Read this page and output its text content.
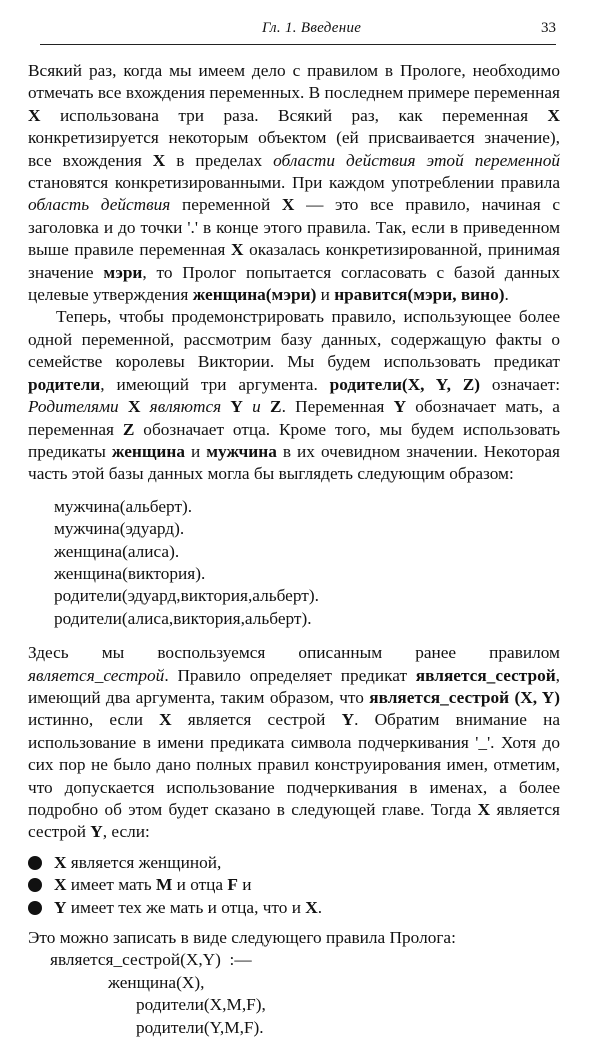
Гл. 1. Введение	33

Всякий раз, когда мы имеем дело с правилом в Прологе, необходимо отмечать все вхождения переменных. В последнем примере переменная X использована три раза. Всякий раз, как переменная X конкретизируется некоторым объектом (ей присваивается значение), все вхождения X в пределах области действия этой переменной становятся конкретизированными. При каждом употреблении правила область действия переменной X — это все правило, начиная с заголовка и до точки '.' в конце этого правила. Так, если в приведенном выше правиле переменная X оказалась конкретизированной, принимая значение мэри, то Пролог попытается согласовать с базой данных целевые утверждения женщина(мэри) и нравится(мэри, вино).

Теперь, чтобы продемонстрировать правило, использующее более одной переменной, рассмотрим базу данных, содержащую факты о семействе королевы Виктории. Мы будем использовать предикат родители, имеющий три аргумента. родители(X, Y, Z) означает: Родителями X являются Y и Z. Переменная Y обозначает мать, а переменная Z обозначает отца. Кроме того, мы будем использовать предикаты женщина и мужчина в их очевидном значении. Некоторая часть этой базы данных могла бы выглядеть следующим образом:

мужчина(альберт).
мужчина(эдуард).
женщина(алиса).
женщина(виктория).
родители(эдуард,виктория,альберт).
родители(алиса,виктория,альберт).

Здесь мы воспользуемся описанным ранее правилом является_сестрой. Правило определяет предикат является_сестрой, имеющий два аргумента, таким образом, что является_сестрой (X, Y) истинно, если X является сестрой Y. Обратим внимание на использование в имени предиката символа подчеркивания '_'. Хотя до сих пор не было дано полных правил конструирования имен, отметим, что допускается использование подчеркивания в именах, а более подробно об этом будет сказано в следующей главе. Тогда X является сестрой Y, если:

X является женщиной,
X имеет мать M и отца F и
Y имеет тех же мать и отца, что и X.

Это можно записать в виде следующего правила Пролога:

является_сестрой(X,Y)  :—
женщина(X),
родители(X,M,F),
родители(Y,M,F).
